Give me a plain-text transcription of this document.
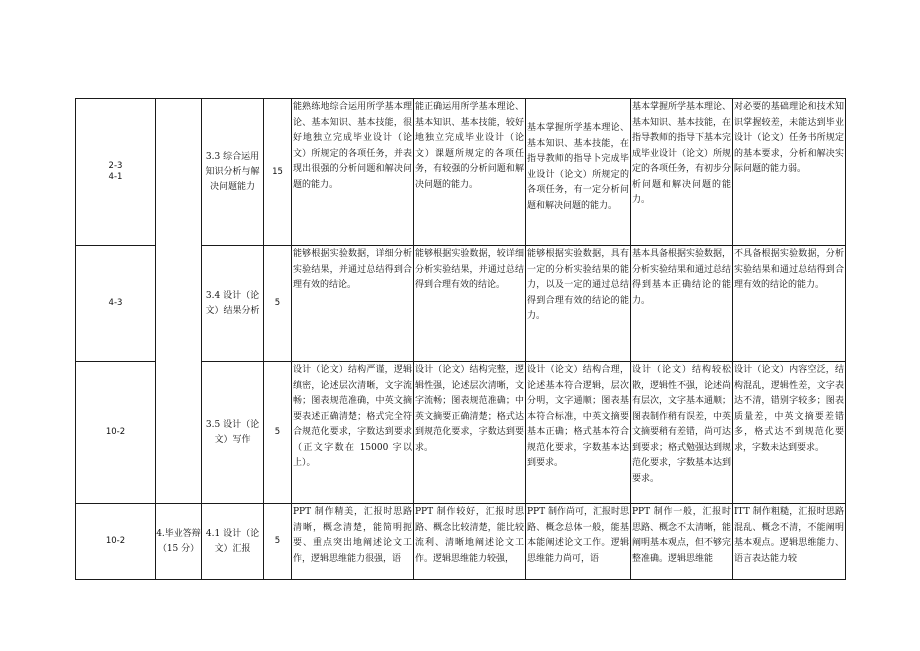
2-3
4-1		3.3 综合运用知识分析与解决问题能力	15	能熟练地综合运用所学基本理论、基本知识、基本技能，很好地独立完成毕业设计（论文）所规定的各项任务，并表现出很强的分析问题和解决问题的能力。	能正确运用所学基本理论、基本知识、基本技能，较好地独立完成毕业设计（论文）课题所规定的各项任务，有较强的分析问题和解决问题的能力。	基本掌握所学基本理论、基本知识、基本技能，在指导教师的指导卜完成毕业设计（论文）所规定的各项任务，有一定分析问题和解决问题的能力。	基本掌握所学基本理论、基本知识、基本技能，在指导教师的指导下基本完成毕业设计（论文）所规定的各项任务，有初步分析问题和解决问题的能力。	对必要的基础理论和技术知识掌握较差，未能达到毕业设计（论文）任务书所规定的基本要求，分析和解决实际问题的能力弱。
4-3		3.4 设计（论文）结果分析	5	能够根据实验数据，详细分析实验结果，并通过总结得到合理有效的结论。	能够根据实验数据，较详细分析实验结果，并通过总结得到合理有效的结论。	能够根据实验数据，具有一定的分析实验结果的能力，以及一定的通过总结得到合理有效的结论的能力。	基本具备根据实验数据，分析实验结果和通过总结得到基本正确结论的能力。	不具备根据实验数据，分析实验结果和通过总结得到合理有效的结论的能力。
10-2		3.5 设计（论文）写作	5	设计（论文）结构严谨，逻辑缜密，论述层次清晰，文字流畅；图表规范准确，中英文摘要表述正确清楚；格式完全符合规范化要求，字数达到要求（正文字数在 15000 字以上）。	设计（论文）结构完整，逻辑性强，论述层次清晰，文字流畅；图表规范准确；中英文摘要正确清楚；格式达到规范化要求，字数达到要求。	设计（论文）结构合理，论述基本符合逻辑，层次分明，文字通顺；图表基本符合标准，中英文摘要基本正确；格式基本符合规范化要求，字数基本达到要求。	设计（论文）结构较松散，逻辑性不强，论述尚有层次，文字基本通顺；图表制作稍有误差，中英文摘要稍有差错，尚可达到要求；格式勉强达到规范化要求，字数基本达到要求。	设计（论文）内容空泛，结构混乱，逻辑性差，文字表达不清，错别字较多；图表质量差，中英文摘要差错多，格式达不到规范化要求，字数未达到要求。
10-2	4.毕业答辩（15 分）	4.1 设计（论文）汇报	5	PPT 制作精美，汇报时思路清晰，概念清楚，能简明扼要、重点突出地阐述论文工作，逻辑思维能力很强，语	PPT 制作较好，汇报时思路、概念比较清楚，能比较流利、清晰地阐述论文工作。逻辑思维能力较强，	PPT 制作尚可，汇报时思路、概念总体一般，能基本能阐述论文工作。逻辑思维能力尚可，语	PPT 制作一般，汇报时思路、概念不太清晰，能阐明基本观点，但不够完整准确。逻辑思维能	ITT 制作粗糙，汇报时思路混乱、概念不清，不能阐明基本观点。逻辑思维能力、语言表达能力较
